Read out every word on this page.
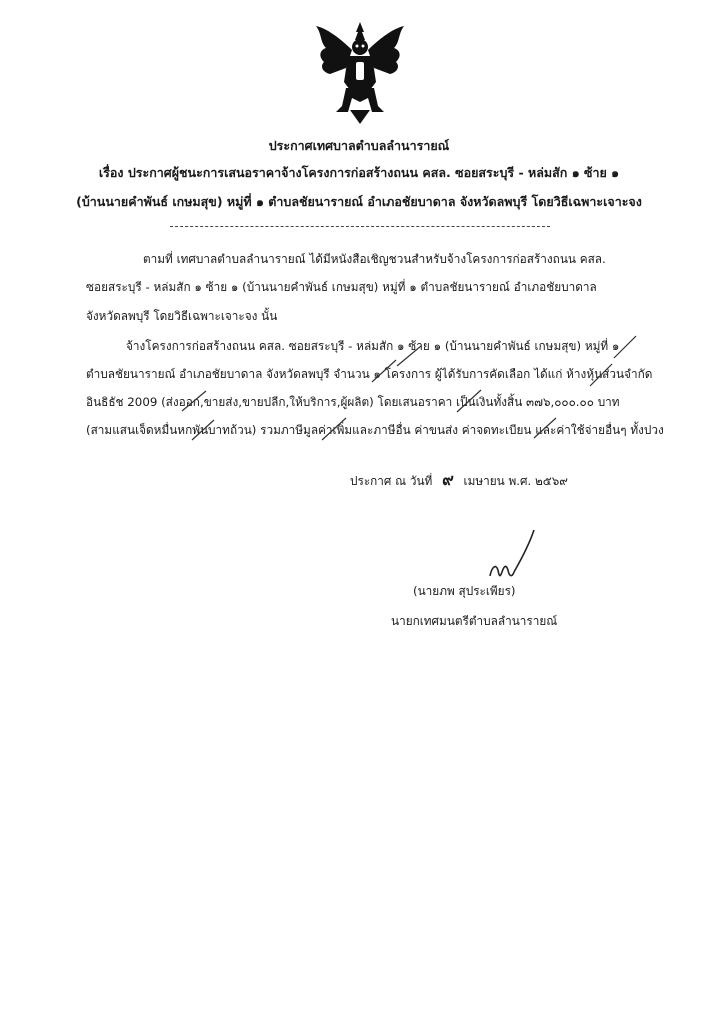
ประกาศเทศบาลตำบลลำนารายณ์
เรื่อง ประกาศผู้ชนะการเสนอราคาจ้างโครงการก่อสร้างถนน คสล. ซอยสระบุรี - หล่มสัก ๑ ซ้าย ๑
(บ้านนายคำพันธ์ เกษมสุข) หมู่ที่ ๑ ตำบลชัยนารายณ์ อำเภอชัยบาดาล จังหวัดลพบุรี โดยวิธีเฉพาะเจาะจง
ตามที่ เทศบาลตำบลลำนารายณ์ ได้มีหนังสือเชิญชวนสำหรับจ้างโครงการก่อสร้างถนน คสล.
ซอยสระบุรี - หล่มสัก ๑ ซ้าย ๑ (บ้านนายคำพันธ์ เกษมสุข) หมู่ที่ ๑ ตำบลชัยนารายณ์ อำเภอชัยบาดาล
จังหวัดลพบุรี โดยวิธีเฉพาะเจาะจง นั้น
จ้างโครงการก่อสร้างถนน คสล. ซอยสระบุรี - หล่มสัก ๑ ซ้าย ๑ (บ้านนายคำพันธ์ เกษมสุข) หมู่ที่ ๑
ตำบลชัยนารายณ์ อำเภอชัยบาดาล จังหวัดลพบุรี จำนวน ๑ โครงการ ผู้ได้รับการคัดเลือก ได้แก่ ห้างหุ้นส่วนจำกัด
อินธิธัช 2009 (ส่งออก,ขายส่ง,ขายปลีก,ให้บริการ,ผู้ผลิต) โดยเสนอราคา เป็นเงินทั้งสิ้น ๓๗๖,๐๐๐.๐๐ บาท
(สามแสนเจ็ดหมื่นหกพันบาทถ้วน) รวมภาษีมูลค่าเพิ่มและภาษีอื่น ค่าขนส่ง ค่าจดทะเบียน และค่าใช้จ่ายอื่นๆ ทั้งปวง
ประกาศ ณ วันที่ ๙ เมษายน พ.ศ. ๒๕๖๙
(นายภพ สุประเพียร)
นายกเทศมนตรีตำบลลำนารายณ์
